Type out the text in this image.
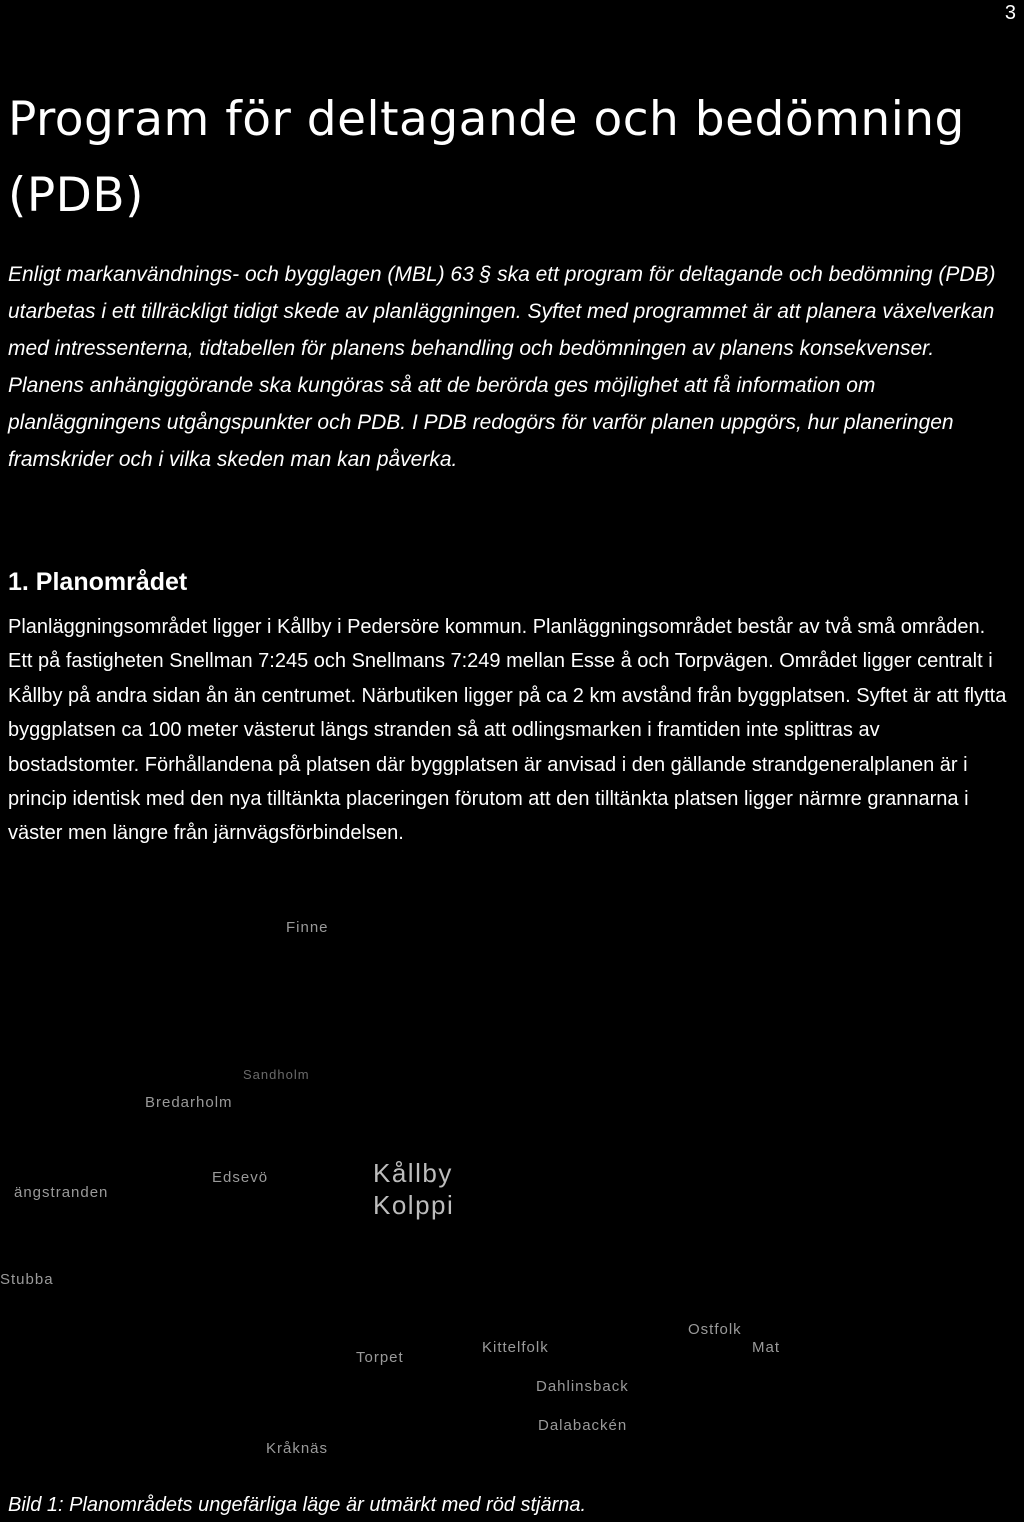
3
Program för deltagande och bedömning (PDB)

Enligt markanvändnings- och bygglagen (MBL) 63 § ska ett program för deltagande och bedömning (PDB) utarbetas i ett tillräckligt tidigt skede av planläggningen. Syftet med programmet är att planera växelverkan med intressenterna, tidtabellen för planens behandling och bedömningen av planens konsekvenser. Planens anhängiggörande ska kungöras så att de berörda ges möjlighet att få information om planläggningens utgångspunkter och PDB. I PDB redogörs för varför planen uppgörs, hur planeringen framskrider och i vilka skeden man kan påverka.

1. Planområdet

Planläggningsområdet ligger i Kållby i Pedersöre kommun. Planläggningsområdet består av två små områden. Ett på fastigheten Snellman 7:245 och Snellmans 7:249 mellan Esse å och Torpvägen. Området ligger centralt i Kållby på andra sidan ån än centrumet. Närbutiken ligger på ca 2 km avstånd från byggplatsen. Syftet är att flytta byggplatsen ca 100 meter västerut längs stranden så att odlingsmarken i framtiden inte splittras av bostadstomter. Förhållandena på platsen där byggplatsen är anvisad i den gällande strandgeneralplanen är i princip identisk med den nya tilltänkta placeringen förutom att den tilltänkta platsen ligger närmre grannarna i väster men längre från järnvägsförbindelsen.

Finne
Sandholm
Bredarholm
ängstranden
Edsevö	Kållby
Kolppi
Stubba
Ostfolk
Mat
Torpet
Kittelfolk
Dahlinsback
Dalabackén
Kråknäs

Bild 1: Planområdets ungefärliga läge är utmärkt med röd stjärna.
